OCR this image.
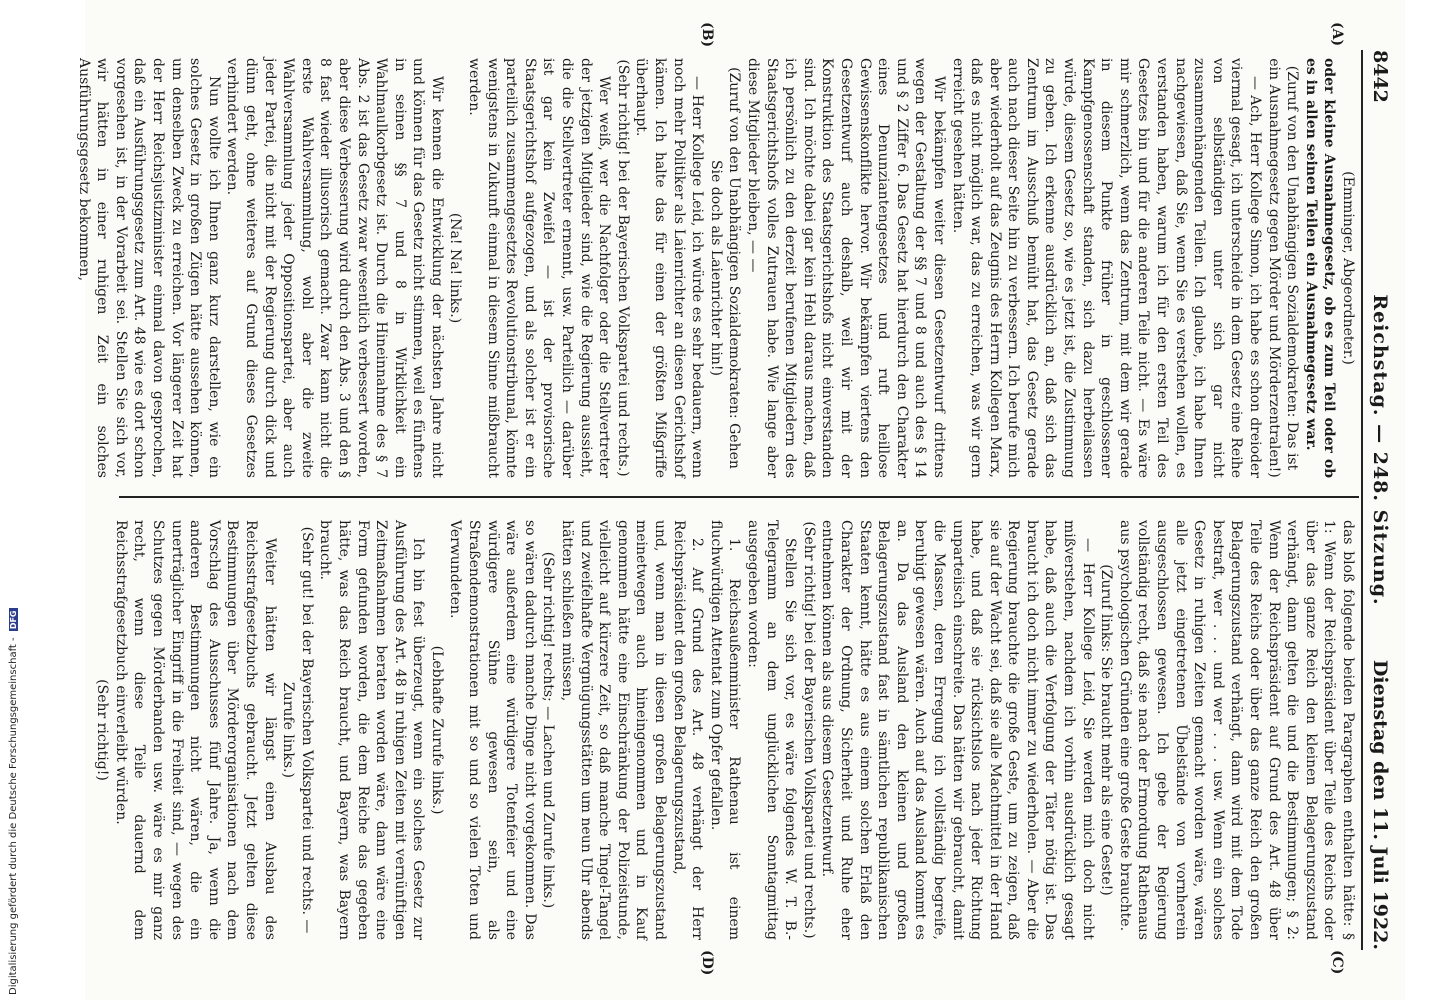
8442
Reichstag. — 248. Sitzung.
Dienstag den 11. Juli 1922.
(A)
(B)
(C)
(D)

(Emminger, Abgeordneter.)

oder kleine Ausnahmegesetz, ob es zum Teil oder ob es in allen seinen Teilen ein Ausnahmegesetz war.

(Zuruf von den Unabhängigen Sozialdemokraten: Das ist ein Ausnahmegesetz gegen Mörder und Mörderzentralen!)

— Ach, Herr Kollege Simon, ich habe es schon dreioder viermal gesagt, ich unterscheide in dem Gesetz eine Reihe von selbständigen unter sich gar nicht zusammenhängenden Teilen. Ich glaube, ich habe Ihnen nachgewiesen, daß Sie, wenn Sie es verstehen wollen, es verstanden haben, warum ich für den ersten Teil des Gesetzes bin und für die anderen Teile nicht. — Es wäre mir schmerzlich, wenn das Zentrum, mit dem wir gerade in diesem Punkte früher in geschlossener Kampfgenossenschaft standen, sich dazu herbeilassen würde, diesem Gesetz so, wie es jetzt ist, die Zustimmung zu geben. Ich erkenne ausdrücklich an, daß sich das Zentrum im Ausschuß bemüht hat, das Gesetz gerade auch nach dieser Seite hin zu verbessern. Ich berufe mich aber wiederholt auf das Zeugnis des Herrn Kollegen Marx, daß es nicht möglich war, das zu erreichen, was wir gern erreicht gesehen hätten.

Wir bekämpfen weiter diesen Gesetzentwurf drittens wegen der Gestaltung der §§ 7 und 8 und auch des § 14 und § 2 Ziffer 6. Das Gesetz hat hierdurch den Charakter eines Denunziantengesetzes und ruft heillose Gewissenskonflikte hervor. Wir bekämpfen viertens den Gesetzentwurf auch deshalb, weil wir mit der Konstruktion des Staatsgerichtshofs nicht einverstanden sind. Ich möchte dabei gar kein Hehl daraus machen, daß ich persönlich zu den derzeit berufenen Mitgliedern des Staatsgerichtshofs volles Zutrauen habe. Wie lange aber diese Mitglieder bleiben, — —

(Zuruf von den Unabhängigen Sozialdemokraten: Gehen Sie doch als Laienrichter hin!)

— Herr Kollege Leid, ich würde es sehr bedauern, wenn noch mehr Politiker als Laienrichter an diesen Gerichtshof kämen. Ich halte das für einen der größten Mißgriffe überhaupt.

(Sehr richtig! bei der Bayerischen Volkspartei und rechts.)

Wer weiß, wer die Nachfolger oder die Stellvertreter der jetzigen Mitglieder sind, wie die Regierung aussieht, die die Stellvertreter ernennt, usw. Parteilich — darüber ist gar kein Zweifel — ist der provisorische Staatsgerichtshof aufgezogen, und als solcher ist er ein parteilich zusammengesetztes Revolutionstribunal, könnte wenigstens in Zukunft einmal in diesem Sinne mißbraucht werden.

(Na! Na! links.)

Wir kennen die Entwicklung der nächsten Jahre nicht und können für das Gesetz nicht stimmen, weil es fünftens in seinen §§ 7 und 8 in Wirklichkeit ein Wahlmaulkorbgesetz ist. Durch die Hineinnahme des § 7 Abs. 2 ist das Gesetz zwar wesentlich verbessert worden, aber diese Verbesserung wird durch den Abs. 3 und den § 8 fast wieder illusorisch gemacht. Zwar kann nicht die erste Wahlversammlung, wohl aber die zweite Wahlversammlung jeder Oppositionspartei, aber auch jeder Partei, die nicht mit der Regierung durch dick und dünn geht, ohne weiteres auf Grund dieses Gesetzes verhindert werden.

Nun wollte ich Ihnen ganz kurz darstellen, wie ein solches Gesetz in großen Zügen hätte aussehen können, um denselben Zweck zu erreichen. Vor längerer Zeit hat der Herr Reichsjustizminister einmal davon gesprochen, daß ein Ausführungsgesetz zum Art. 48 wie es dort schon vorgesehen ist, in der Vorarbeit sei. Stellen Sie sich vor, wir hätten in einer ruhigen Zeit ein solches Ausführungsgesetz bekommen,

das bloß folgende beiden Paragraphen enthalten hätte: § 1: Wenn der Reichspräsident über Teile des Reichs oder über das ganze Reich den kleinen Belagerungszustand verhängt, dann gelten die und die Bestimmungen; § 2: Wenn der Reichspräsident auf Grund des Art. 48 über Teile des Reichs oder über das ganze Reich den großen Belagerungszustand verhängt, dann wird mit dem Tode bestraft, wer . . . und wer . . . usw. Wenn ein solches Gesetz in ruhigen Zeiten gemacht worden wäre, wären alle jetzt eingetretenen Übelstände von vornherein ausgeschlossen gewesen. Ich gebe der Regierung vollständig recht, daß sie nach der Ermordung Rathenaus aus psychologischen Gründen eine große Geste brauchte.

(Zuruf links: Sie braucht mehr als eine Geste!)

— Herr Kollege Leid, Sie werden mich doch nicht mißverstehen, nachdem ich vorhin ausdrücklich gesagt habe, daß auch die Verfolgung der Täter nötig ist. Das braucht ich doch nicht immer zu wiederholen. — Aber die Regierung brauchte die große Geste, um zu zeigen, daß sie auf der Wacht sei, daß sie alle Machtmittel in der Hand habe, und daß sie rücksichtslos nach jeder Richtung unparteiisch einschreite. Das hätten wir gebraucht, damit die Massen, deren Erregung ich vollständig begreife, beruhigt gewesen wären. Auch auf das Ausland kommt es an. Da das Ausland den kleinen und großen Belagerungszustand fast in sämtlichen republikanischen Staaten kennt, hätte es aus einem solchen Erlaß den Charakter der Ordnung, Sicherheit und Ruhe eher entnehmen können als aus diesem Gesetzentwurf.

(Sehr richtig! bei der Bayerischen Volkspartei und rechts.)

Stellen Sie sich vor, es wäre folgendes W. T. B.-Telegramm an dem unglücklichen Sonntagmittag ausgegeben worden:

1. Reichsaußenminister Rathenau ist einem fluchwürdigen Attentat zum Opfer gefallen.

2. Auf Grund des Art. 48 verhängt der Herr Reichspräsident den großen Belagerungszustand,

und, wenn man in diesen großen Belagerungszustand meinetwegen auch hineingenommen und in Kauf genommen hätte eine Einschränkung der Polizeistunde, vielleicht auf kürzere Zeit, so daß manche Tingel-Tangel und zweifelhafte Vergnügungsstätten um neun Uhr abends hätten schließen müssen,

(Sehr richtig! rechts; — Lachen und Zurufe links.)

so wären dadurch manche Dinge nicht vorgekommen. Das wäre außerdem eine würdigere Totenfeier und eine würdigere Sühne gewesen sein, als Straßendemonstrationen mit so und so vielen Toten und Verwundeten.

(Lebhafte Zurufe links.)

Ich bin fest überzeugt, wenn ein solches Gesetz zur Ausführung des Art. 48 in ruhigen Zeiten mit vernünftigen Zeitmaßnahmen beraten worden wäre, dann wäre eine Form gefunden worden, die dem Reiche das gegeben hätte, was das Reich braucht, und Bayern, was Bayern braucht.

(Sehr gut! bei der Bayerischen Volkspartei und rechts. — Zurufe links.)

Weiter hätten wir längst einen Ausbau des Reichsstrafgesetzbuchs gebraucht. Jetzt gelten diese Bestimmungen über Mörderorganisationen nach dem Vorschlag des Ausschusses fünf Jahre. Ja, wenn die anderen Bestimmungen nicht wären, die ein unerträglicher Eingriff in die Freiheit sind, — wegen des Schutzes gegen Mörderbanden usw. wäre es mir ganz recht, wenn diese Teile dauernd dem Reichsstrafgesetzbuch einverleibt würden.

(Sehr richtig!)

Digitalisierung gefördert durch die Deutsche Forschungsgemeinschaft - DFG
